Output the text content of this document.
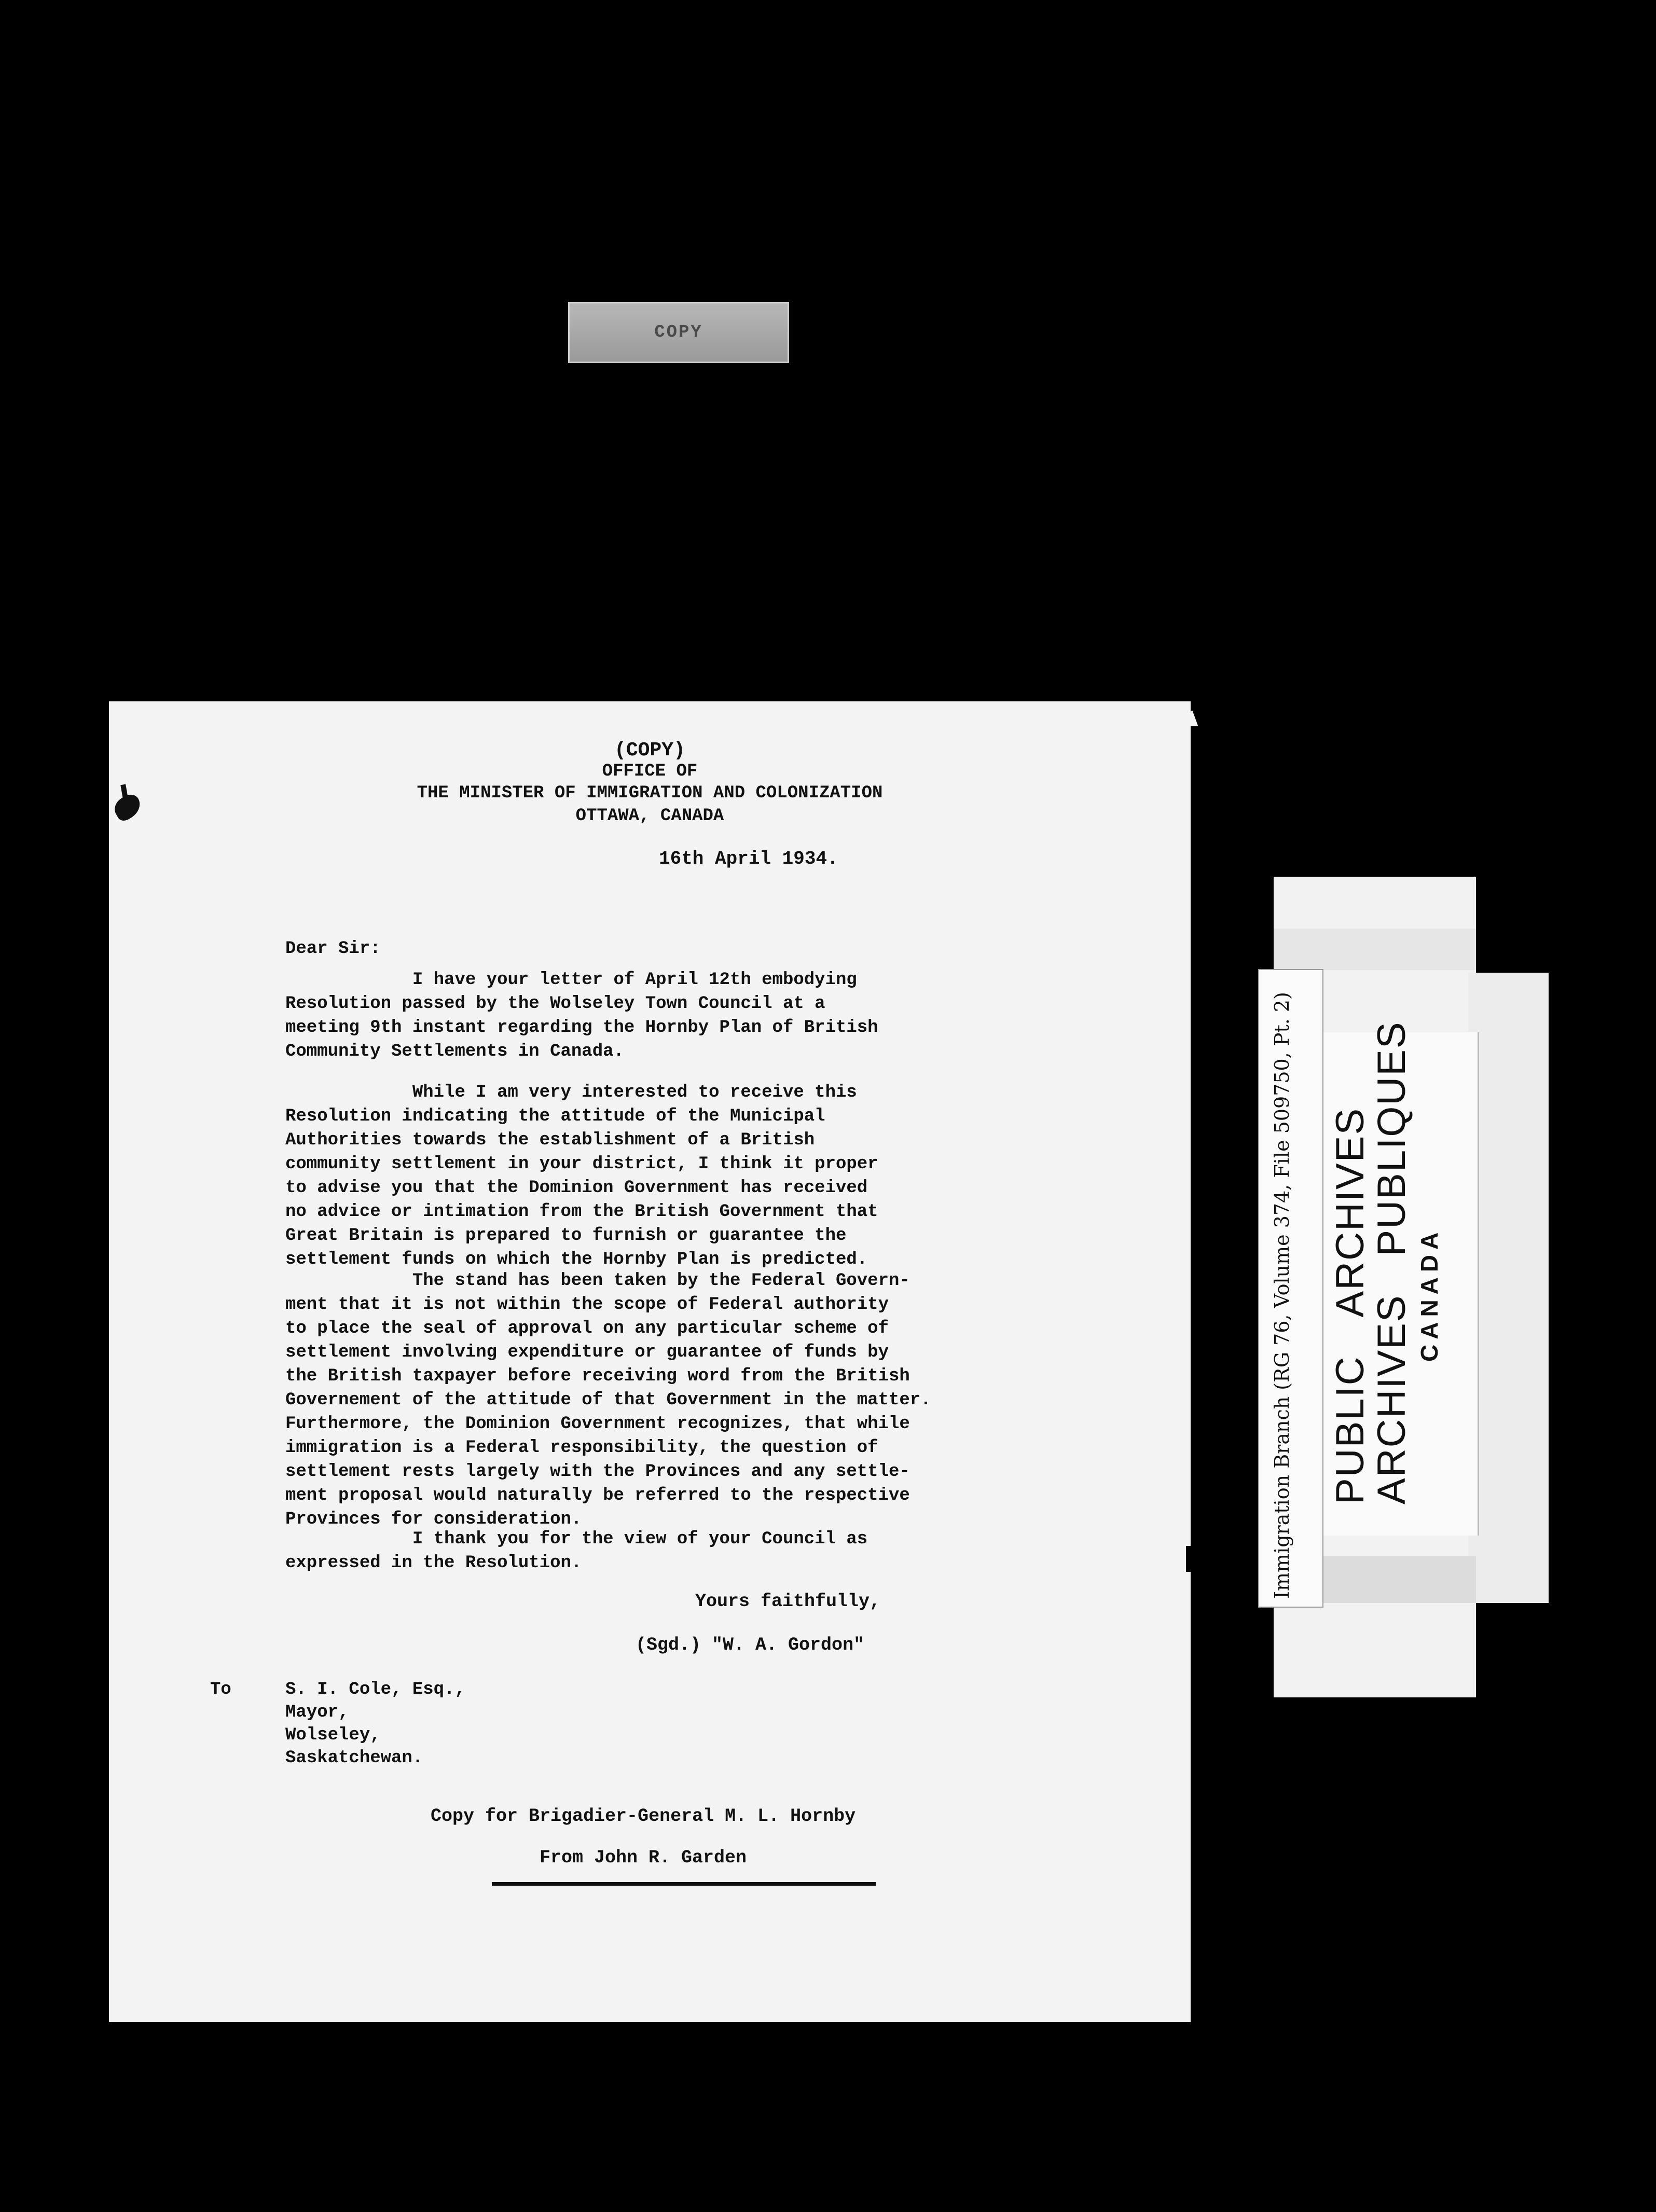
COPY
(COPY)
OFFICE OF
THE MINISTER OF IMMIGRATION AND COLONIZATION
OTTAWA, CANADA
16th April 1934.
Dear Sir:
I have your letter of April 12th embodying
Resolution passed by the Wolseley Town Council at a
meeting 9th instant regarding the Hornby Plan of British
Community Settlements in Canada.
While I am very interested to receive this
Resolution indicating the attitude of the Municipal
Authorities towards the establishment of a British
community settlement in your district, I think it proper
to advise you that the Dominion Government has received
no advice or intimation from the British Government that
Great Britain is prepared to furnish or guarantee the
settlement funds on which the Hornby Plan is predicted.
The stand has been taken by the Federal Govern-
ment that it is not within the scope of Federal authority
to place the seal of approval on any particular scheme of
settlement involving expenditure or guarantee of funds by
the British taxpayer before receiving word from the British
Governement of the attitude of that Government in the matter.
Furthermore, the Dominion Government recognizes, that while
immigration is a Federal responsibility, the question of
settlement rests largely with the Provinces and any settle-
ment proposal would naturally be referred to the respective
Provinces for consideration.
I thank you for the view of your Council as
expressed in the Resolution.
Yours faithfully,
(Sgd.) "W. A. Gordon"
To	S. I. Cole, Esq.,
Mayor,
Wolseley,
Saskatchewan.
Copy for Brigadier-General M. L. Hornby
From John R. Garden
Immigration Branch (RG 76, Volume 374, File 509750, Pt. 2) PUBLICARCHIVES
ARCHIVESPUBLIQUES
CANADA
